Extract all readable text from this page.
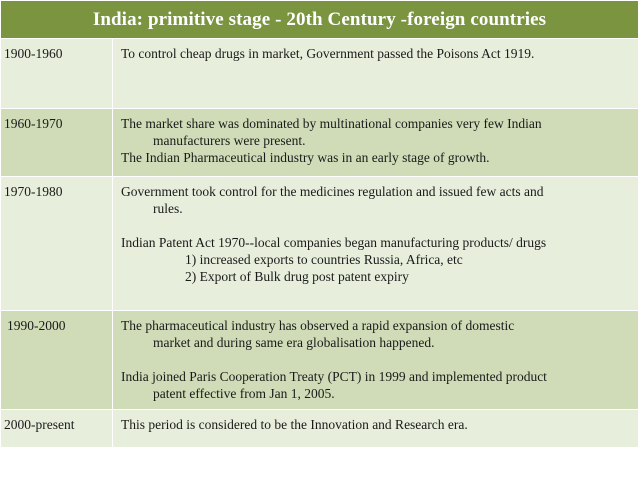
India: primitive stage - 20th Century -foreign countries	
1900-1960	To control cheap drugs in market, Government passed the Poisons Act 1919.

1960-1970	The market share was dominated by multinational companies very few Indian
manufacturers were present.
The Indian Pharmaceutical industry was in an early stage of growth.

1970-1980	Government took control for the medicines regulation and issued few acts and
rules.
Indian Patent Act 1970--local companies began manufacturing products/ drugs
1) increased exports to countries Russia, Africa, etc
2) Export of Bulk drug post patent expiry

1990-2000	The pharmaceutical industry has observed a rapid expansion of domestic
market and during same era globalisation happened.
India joined Paris Cooperation Treaty (PCT) in 1999 and implemented product
patent effective from Jan 1, 2005.

2000-present	This period is considered to be the Innovation and Research era.
